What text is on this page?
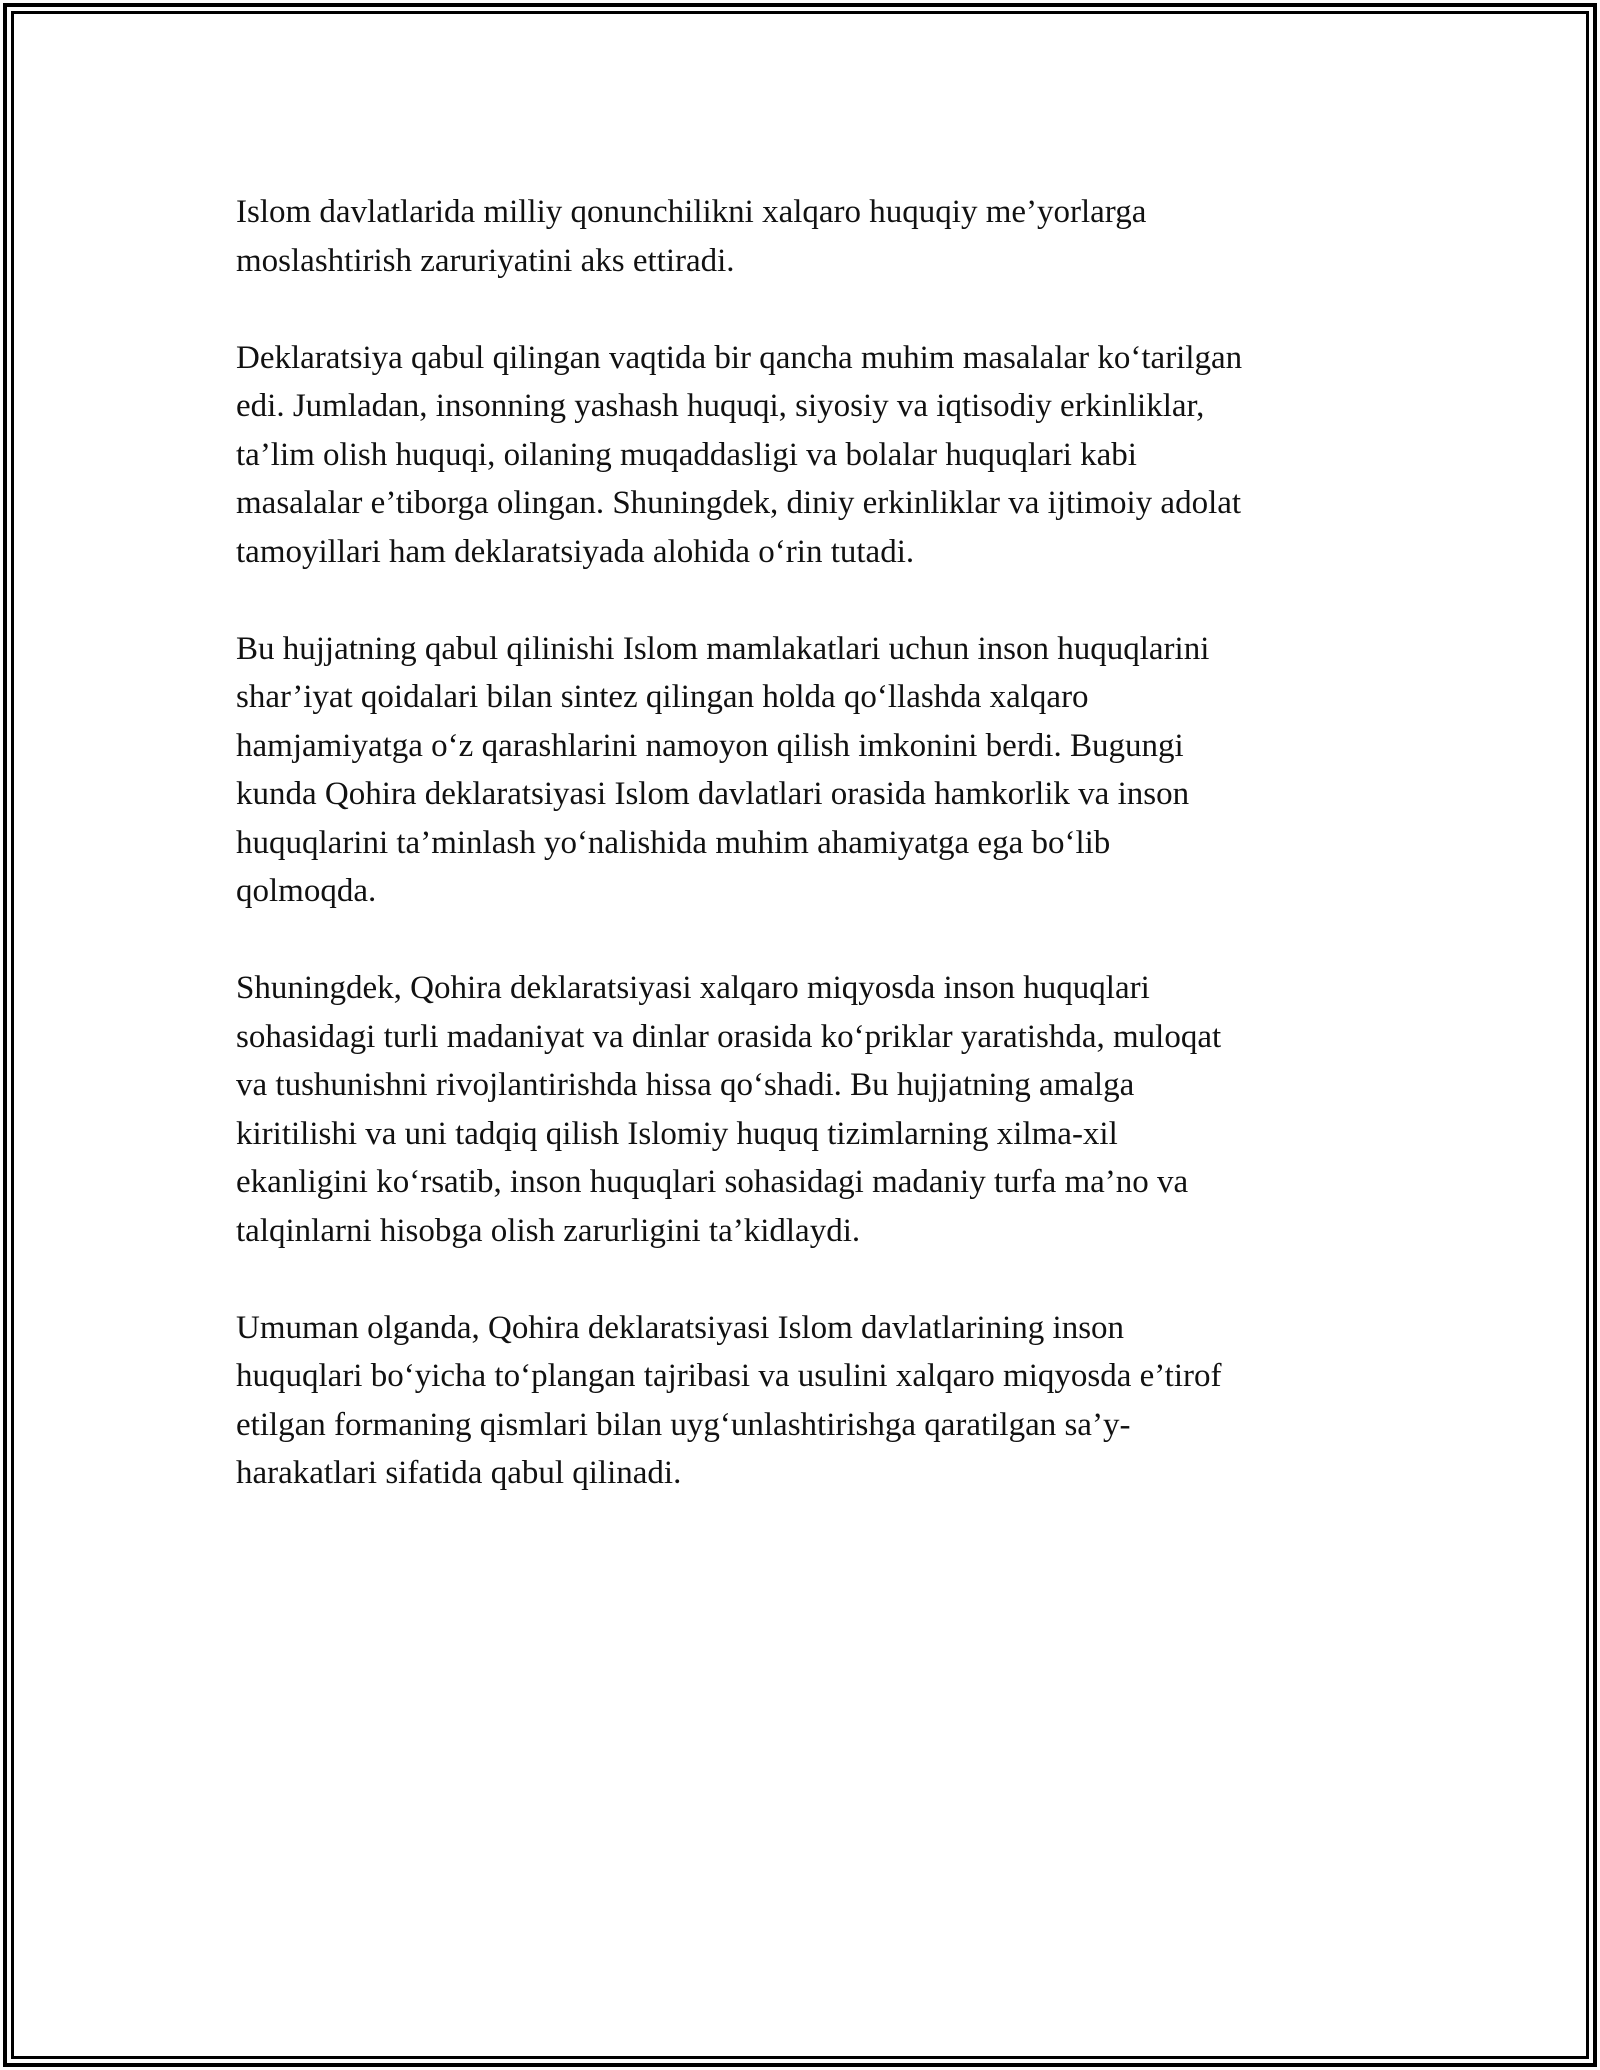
Islom davlatlarida milliy qonunchilikni xalqaro huquqiy me’yorlarga
moslashtirish zaruriyatini aks ettiradi.

Deklaratsiya qabul qilingan vaqtida bir qancha muhim masalalar ko‘tarilgan
edi. Jumladan, insonning yashash huquqi, siyosiy va iqtisodiy erkinliklar,
ta’lim olish huquqi, oilaning muqaddasligi va bolalar huquqlari kabi
masalalar e’tiborga olingan. Shuningdek, diniy erkinliklar va ijtimoiy adolat
tamoyillari ham deklaratsiyada alohida o‘rin tutadi.

Bu hujjatning qabul qilinishi Islom mamlakatlari uchun inson huquqlarini
shar’iyat qoidalari bilan sintez qilingan holda qo‘llashda xalqaro
hamjamiyatga o‘z qarashlarini namoyon qilish imkonini berdi. Bugungi
kunda Qohira deklaratsiyasi Islom davlatlari orasida hamkorlik va inson
huquqlarini ta’minlash yo‘nalishida muhim ahamiyatga ega bo‘lib
qolmoqda.

Shuningdek, Qohira deklaratsiyasi xalqaro miqyosda inson huquqlari
sohasidagi turli madaniyat va dinlar orasida ko‘priklar yaratishda, muloqat
va tushunishni rivojlantirishda hissa qo‘shadi. Bu hujjatning amalga
kiritilishi va uni tadqiq qilish Islomiy huquq tizimlarning xilma-xil
ekanligini ko‘rsatib, inson huquqlari sohasidagi madaniy turfa ma’no va
talqinlarni hisobga olish zarurligini ta’kidlaydi.

Umuman olganda, Qohira deklaratsiyasi Islom davlatlarining inson
huquqlari bo‘yicha to‘plangan tajribasi va usulini xalqaro miqyosda e’tirof
etilgan formaning qismlari bilan uyg‘unlashtirishga qaratilgan sa’y-
harakatlari sifatida qabul qilinadi.
